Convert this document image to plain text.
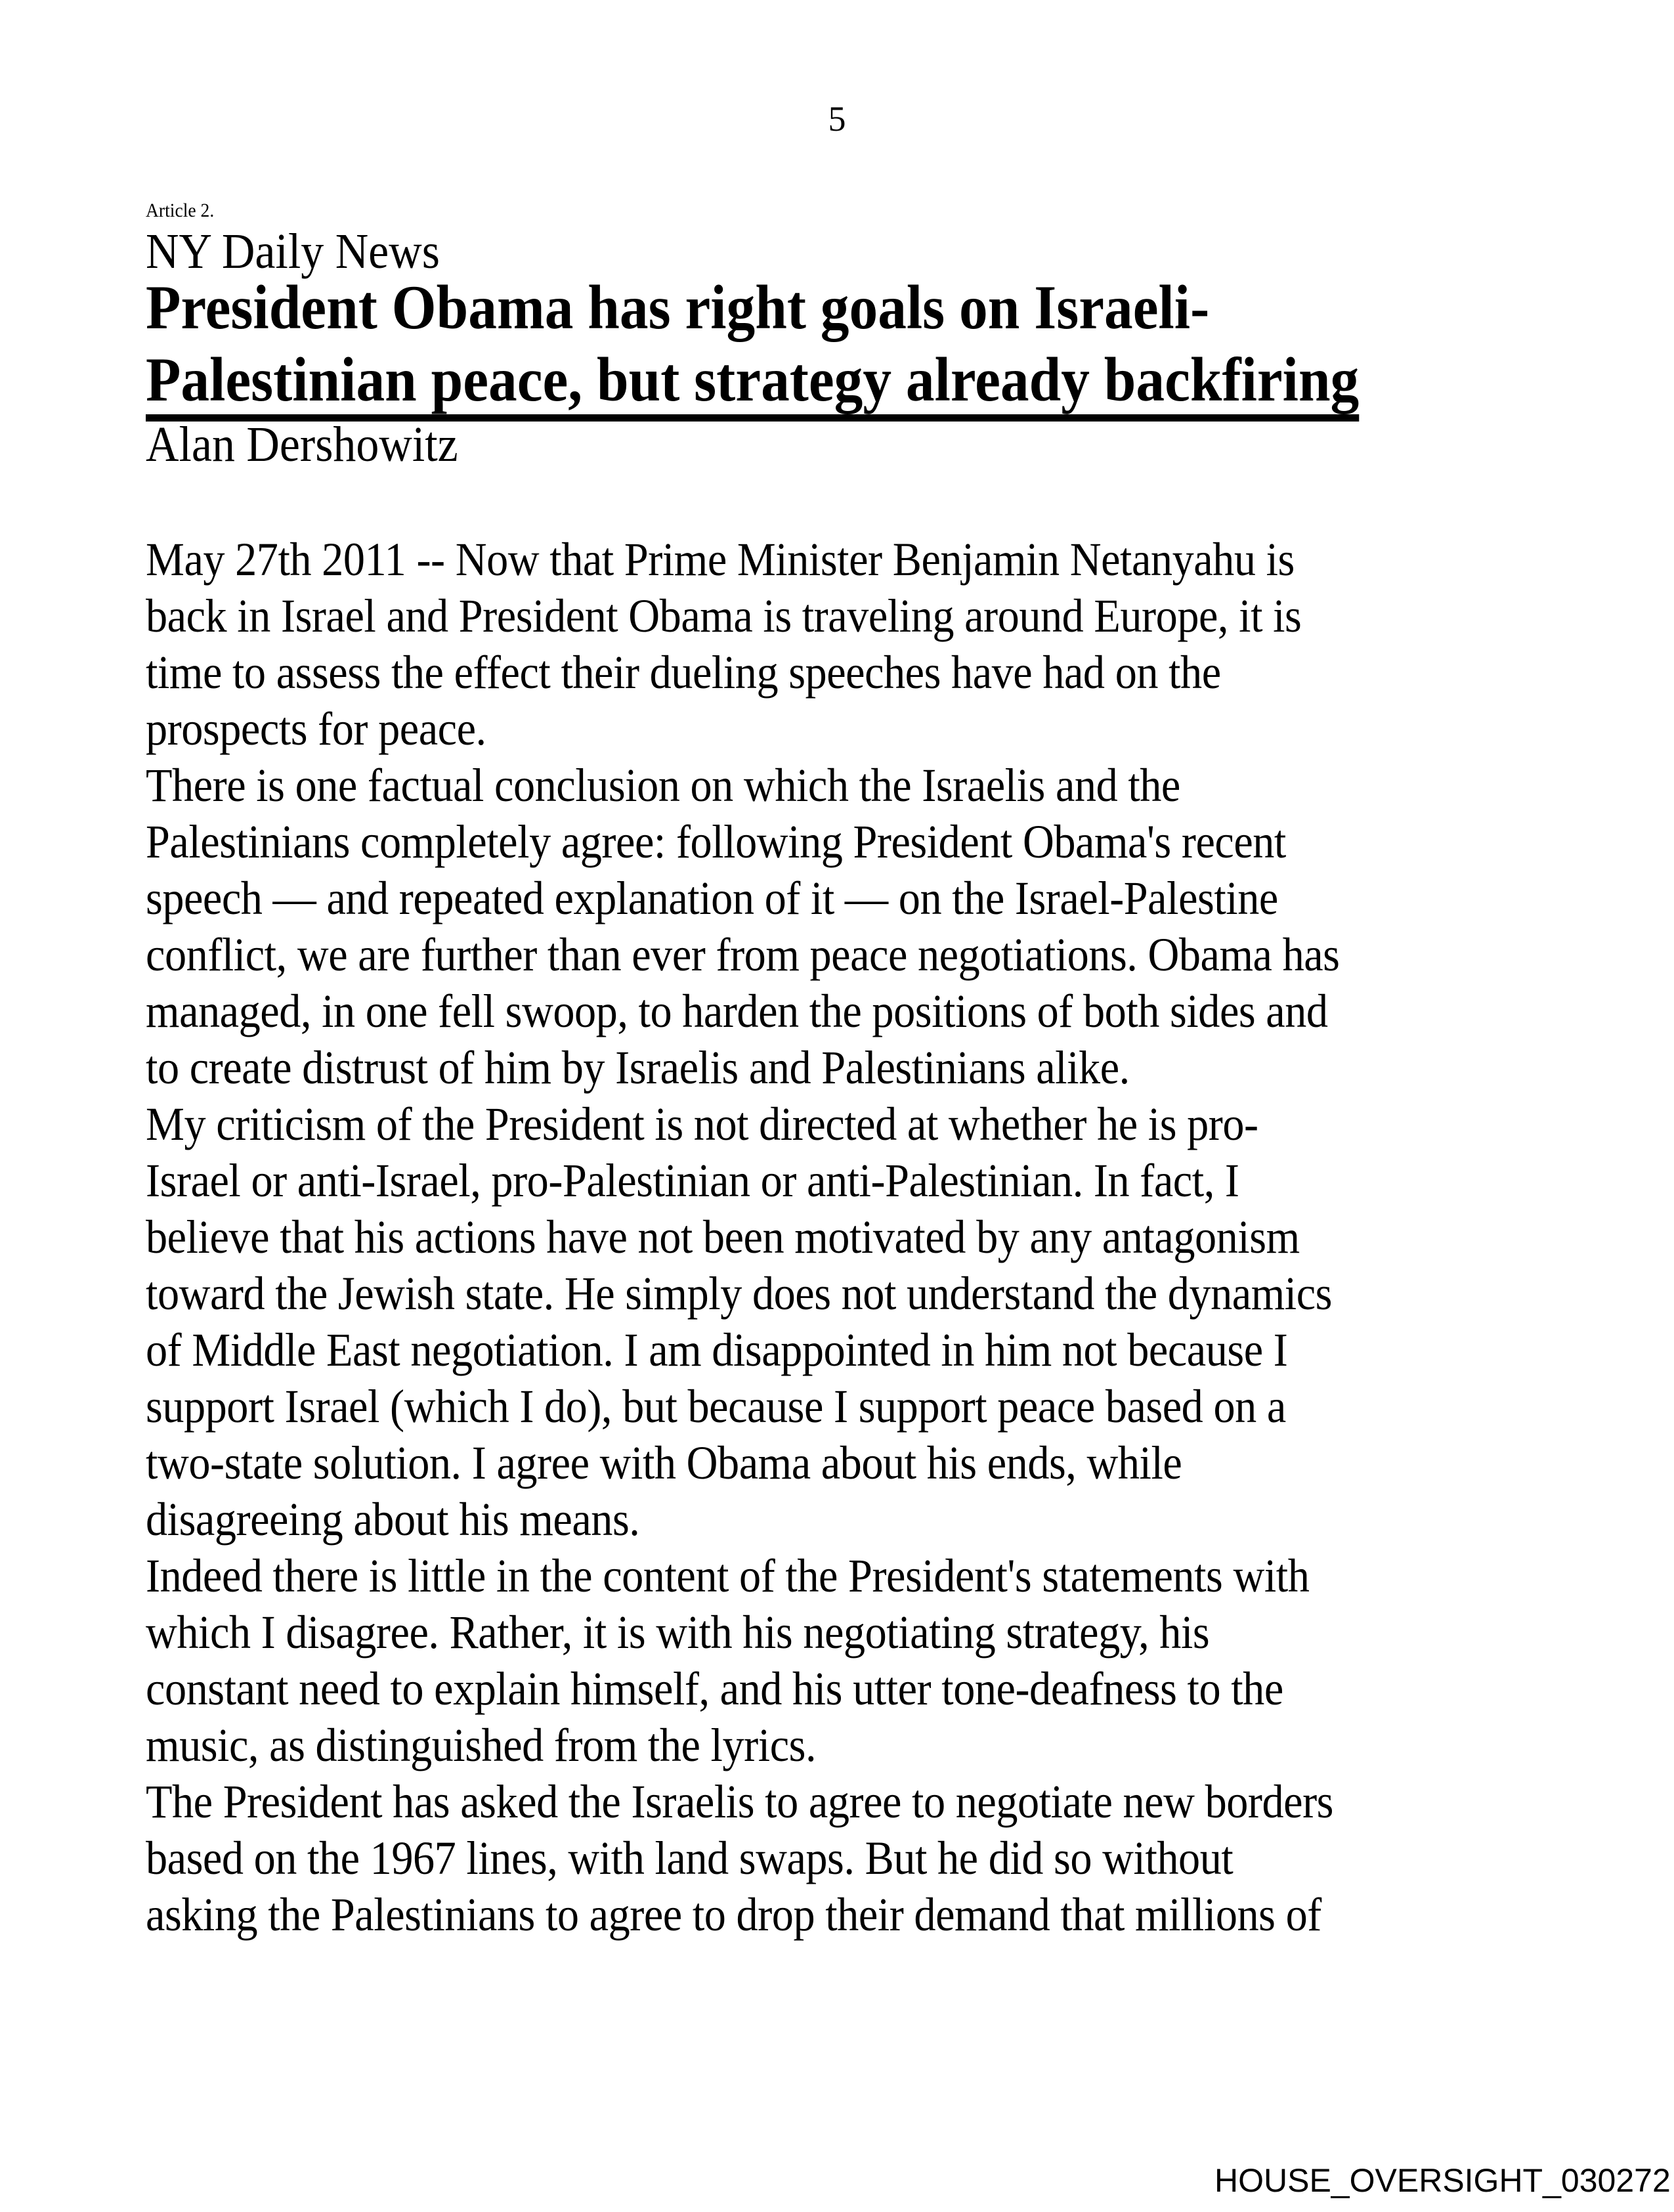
5
Article 2.
NY Daily News
President Obama has right goals on Israeli-
Palestinian peace, but strategy already backfiring
Alan Dershowitz
May 27th 2011 -- Now that Prime Minister Benjamin Netanyahu is
back in Israel and President Obama is traveling around Europe, it is
time to assess the effect their dueling speeches have had on the
prospects for peace.
There is one factual conclusion on which the Israelis and the
Palestinians completely agree: following President Obama's recent
speech — and repeated explanation of it — on the Israel-Palestine
conflict, we are further than ever from peace negotiations. Obama has
managed, in one fell swoop, to harden the positions of both sides and
to create distrust of him by Israelis and Palestinians alike.
My criticism of the President is not directed at whether he is pro-
Israel or anti-Israel, pro-Palestinian or anti-Palestinian. In fact, I
believe that his actions have not been motivated by any antagonism
toward the Jewish state. He simply does not understand the dynamics
of Middle East negotiation. I am disappointed in him not because I
support Israel (which I do), but because I support peace based on a
two-state solution. I agree with Obama about his ends, while
disagreeing about his means.
Indeed there is little in the content of the President's statements with
which I disagree. Rather, it is with his negotiating strategy, his
constant need to explain himself, and his utter tone-deafness to the
music, as distinguished from the lyrics.
The President has asked the Israelis to agree to negotiate new borders
based on the 1967 lines, with land swaps. But he did so without
asking the Palestinians to agree to drop their demand that millions of
HOUSE_OVERSIGHT_030272
